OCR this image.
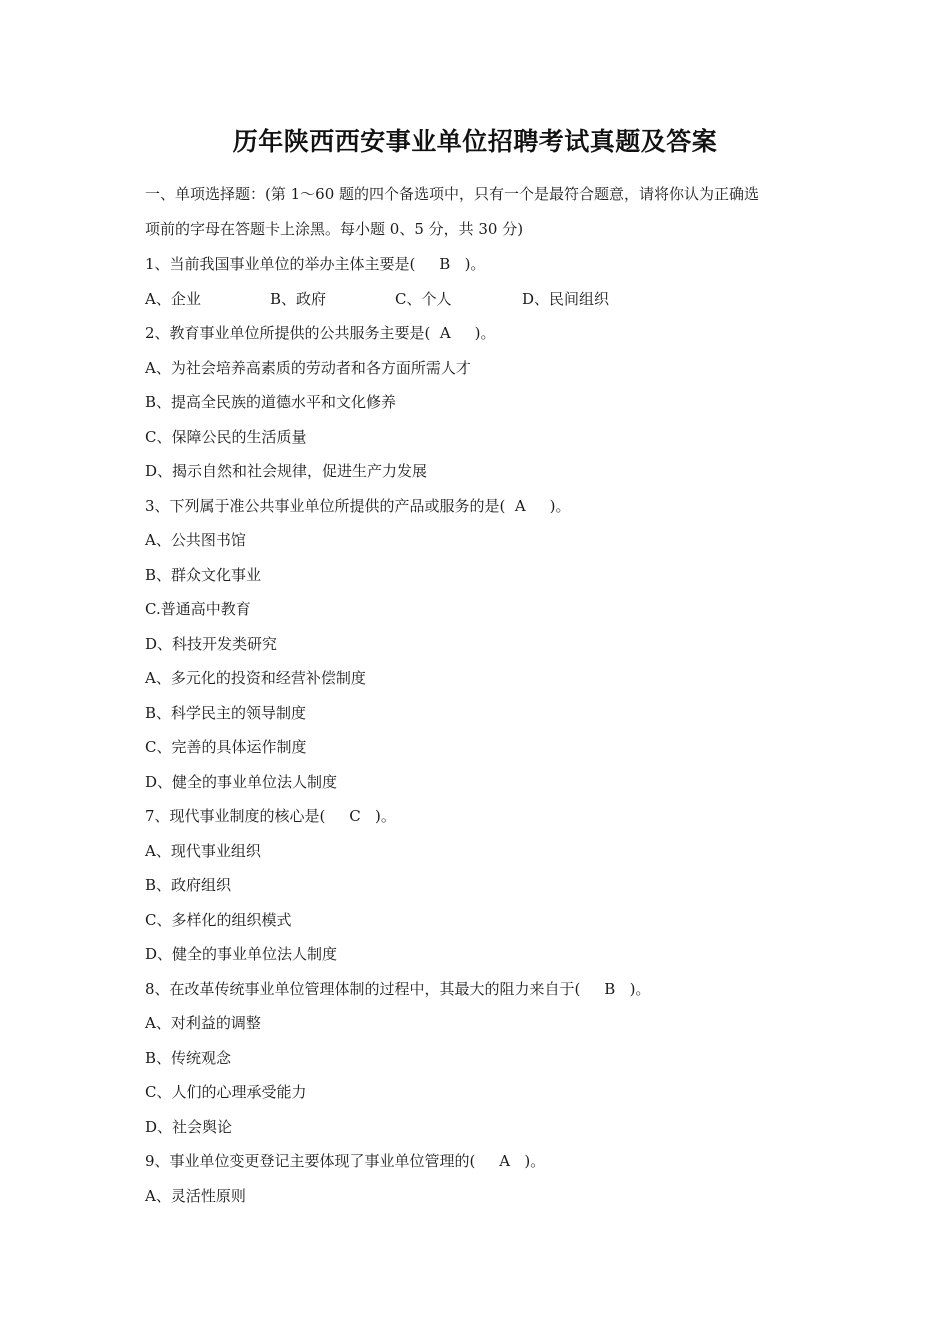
历年陕西西安事业单位招聘考试真题及答案
一、单项选择题：(第 1～60 题的四个备选项中，只有一个是最符合题意，请将你认为正确选
项前的字母在答题卡上涂黑。每小题 0、5 分，共 30 分)
1、当前我国事业单位的举办主体主要是(     B   )。
A、企业	B、政府	C、个人	D、民间组织
2、教育事业单位所提供的公共服务主要是(  A     )。
A、为社会培养高素质的劳动者和各方面所需人才
B、提高全民族的道德水平和文化修养
C、保障公民的生活质量
D、揭示自然和社会规律，促进生产力发展
3、下列属于准公共事业单位所提供的产品或服务的是(  A     )。
A、公共图书馆
B、群众文化事业
C.普通高中教育
D、科技开发类研究
A、多元化的投资和经营补偿制度
B、科学民主的领导制度
C、完善的具体运作制度
D、健全的事业单位法人制度
7、现代事业制度的核心是(     C   )。
A、现代事业组织
B、政府组织
C、多样化的组织模式
D、健全的事业单位法人制度
8、在改革传统事业单位管理体制的过程中，其最大的阻力来自于(     B   )。
A、对利益的调整
B、传统观念
C、人们的心理承受能力
D、社会舆论
9、事业单位变更登记主要体现了事业单位管理的(     A   )。
A、灵活性原则
